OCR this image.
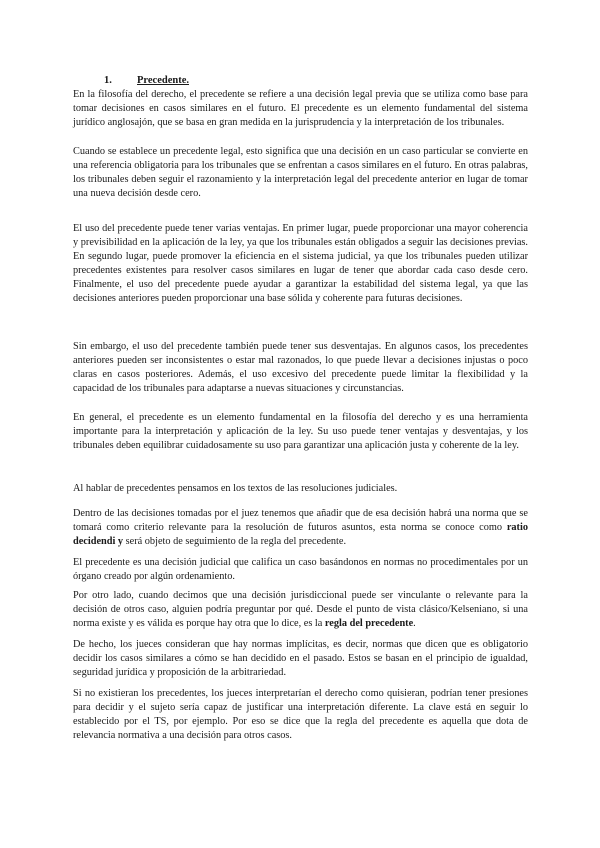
1. Precedente.

En la filosofía del derecho, el precedente se refiere a una decisión legal previa que se utiliza como base para tomar decisiones en casos similares en el futuro. El precedente es un elemento fundamental del sistema jurídico anglosajón, que se basa en gran medida en la jurisprudencia y la interpretación de los tribunales.

Cuando se establece un precedente legal, esto significa que una decisión en un caso particular se convierte en una referencia obligatoria para los tribunales que se enfrentan a casos similares en el futuro. En otras palabras, los tribunales deben seguir el razonamiento y la interpretación legal del precedente anterior en lugar de tomar una nueva decisión desde cero.

El uso del precedente puede tener varias ventajas. En primer lugar, puede proporcionar una mayor coherencia y previsibilidad en la aplicación de la ley, ya que los tribunales están obligados a seguir las decisiones previas. En segundo lugar, puede promover la eficiencia en el sistema judicial, ya que los tribunales pueden utilizar precedentes existentes para resolver casos similares en lugar de tener que abordar cada caso desde cero. Finalmente, el uso del precedente puede ayudar a garantizar la estabilidad del sistema legal, ya que las decisiones anteriores pueden proporcionar una base sólida y coherente para futuras decisiones.

Sin embargo, el uso del precedente también puede tener sus desventajas. En algunos casos, los precedentes anteriores pueden ser inconsistentes o estar mal razonados, lo que puede llevar a decisiones injustas o poco claras en casos posteriores. Además, el uso excesivo del precedente puede limitar la flexibilidad y la capacidad de los tribunales para adaptarse a nuevas situaciones y circunstancias.

En general, el precedente es un elemento fundamental en la filosofía del derecho y es una herramienta importante para la interpretación y aplicación de la ley. Su uso puede tener ventajas y desventajas, y los tribunales deben equilibrar cuidadosamente su uso para garantizar una aplicación justa y coherente de la ley.

Al hablar de precedentes pensamos en los textos de las resoluciones judiciales.

Dentro de las decisiones tomadas por el juez tenemos que añadir que de esa decisión habrá una norma que se tomará como criterio relevante para la resolución de futuros asuntos, esta norma se conoce como ratio decidendi y será objeto de seguimiento de la regla del precedente.

El precedente es una decisión judicial que califica un caso basándonos en normas no procedimentales por un órgano creado por algún ordenamiento.

Por otro lado, cuando decimos que una decisión jurisdiccional puede ser vinculante o relevante para la decisión de otros caso, alguien podría preguntar por qué. Desde el punto de vista clásico/Kelseniano, si una norma existe y es válida es porque hay otra que lo dice, es la regla del precedente.

De hecho, los jueces consideran que hay normas implícitas, es decir, normas que dicen que es obligatorio decidir los casos similares a cómo se han decidido en el pasado. Estos se basan en el principio de igualdad, seguridad jurídica y proposición de la arbitrariedad.

Si no existieran los precedentes, los jueces interpretarían el derecho como quisieran, podrían tener presiones para decidir y el sujeto sería capaz de justificar una interpretación diferente. La clave está en seguir lo establecido por el TS, por ejemplo. Por eso se dice que la regla del precedente es aquella que dota de relevancia normativa a una decisión para otros casos.
